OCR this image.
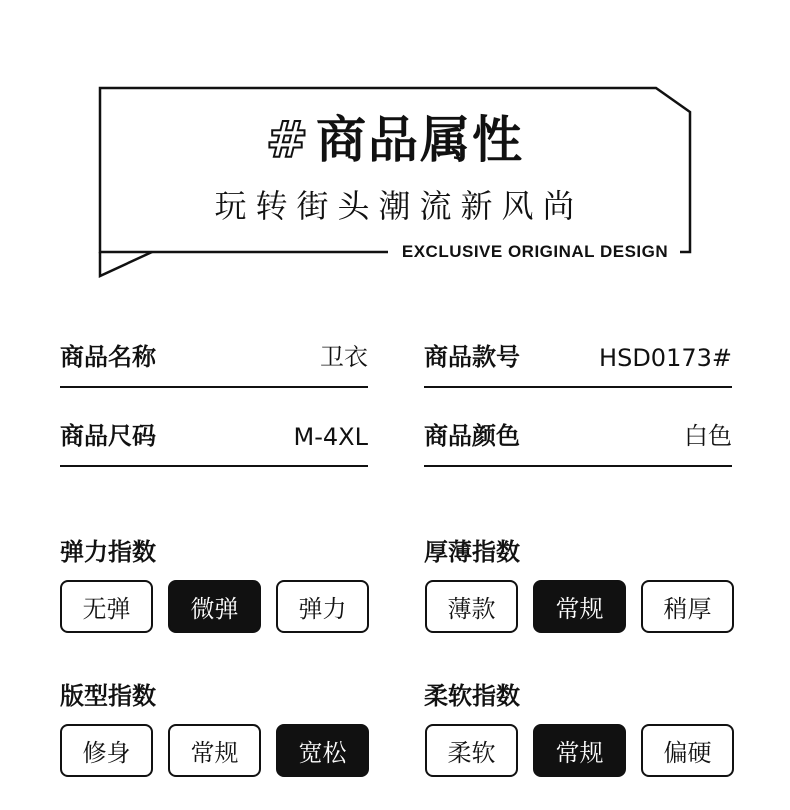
# 商品属性
玩转街头潮流新风尚
EXCLUSIVE ORIGINAL DESIGN
商品名称	卫衣 商品款号	HSD0173#
商品尺码	M-4XL 商品颜色	白色
弹力指数
无弹	微弹	弹力
厚薄指数
薄款	常规	稍厚
版型指数
修身	常规	宽松
柔软指数
柔软	常规	偏硬
